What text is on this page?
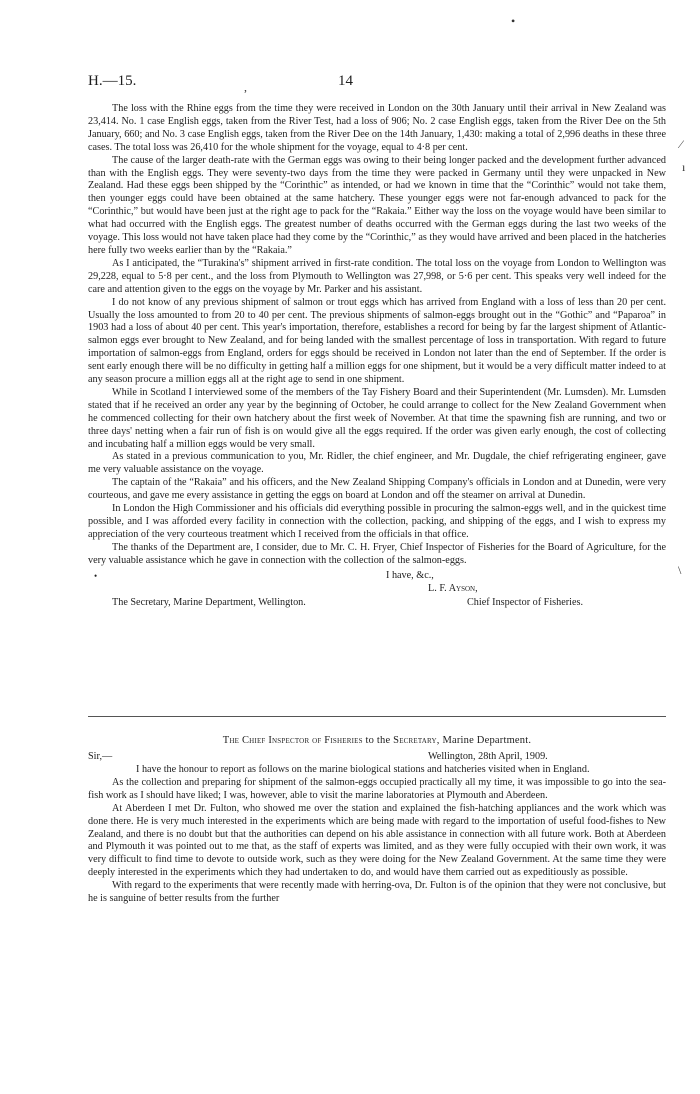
H.—15.	14
•
,
⁄
ı
\

The loss with the Rhine eggs from the time they were received in London on the 30th January until their arrival in New Zealand was 23,414. No. 1 case English eggs, taken from the River Test, had a loss of 906; No. 2 case English eggs, taken from the River Dee on the 5th January, 660; and No. 3 case English eggs, taken from the River Dee on the 14th January, 1,430: making a total of 2,996 deaths in these three cases. The total loss was 26,410 for the whole shipment for the voyage, equal to 4·8 per cent.

The cause of the larger death-rate with the German eggs was owing to their being longer packed and the development further advanced than with the English eggs. They were seventy-two days from the time they were packed in Germany until they were unpacked in New Zealand. Had these eggs been shipped by the “Corinthic” as intended, or had we known in time that the “Corinthic” would not take them, then younger eggs could have been obtained at the same hatchery. These younger eggs were not far-enough advanced to pack for the “Corinthic,” but would have been just at the right age to pack for the “Rakaia.” Either way the loss on the voyage would have been similar to what had occurred with the English eggs. The greatest number of deaths occurred with the German eggs during the last two weeks of the voyage. This loss would not have taken place had they come by the “Corinthic,” as they would have arrived and been placed in the hatcheries here fully two weeks earlier than by the “Rakaia.”

As I anticipated, the “Turakina's” shipment arrived in first-rate condition. The total loss on the voyage from London to Wellington was 29,228, equal to 5·8 per cent., and the loss from Plymouth to Wellington was 27,998, or 5·6 per cent. This speaks very well indeed for the care and attention given to the eggs on the voyage by Mr. Parker and his assistant.

I do not know of any previous shipment of salmon or trout eggs which has arrived from England with a loss of less than 20 per cent. Usually the loss amounted to from 20 to 40 per cent. The previous shipments of salmon-eggs brought out in the “Gothic” and “Paparoa” in 1903 had a loss of about 40 per cent. This year's importation, therefore, establishes a record for being by far the largest shipment of Atlantic-salmon eggs ever brought to New Zealand, and for being landed with the smallest percentage of loss in transportation. With regard to future importation of salmon-eggs from England, orders for eggs should be received in London not later than the end of September. If the order is sent early enough there will be no difficulty in getting half a million eggs for one shipment, but it would be a very difficult matter indeed to at any season procure a million eggs all at the right age to send in one shipment.

While in Scotland I interviewed some of the members of the Tay Fishery Board and their Superintendent (Mr. Lumsden). Mr. Lumsden stated that if he received an order any year by the beginning of October, he could arrange to collect for the New Zealand Government when he commenced collecting for their own hatchery about the first week of November. At that time the spawning fish are running, and two or three days' netting when a fair run of fish is on would give all the eggs required. If the order was given early enough, the cost of collecting and incubating half a million eggs would be very small.

As stated in a previous communication to you, Mr. Ridler, the chief engineer, and Mr. Dugdale, the chief refrigerating engineer, gave me very valuable assistance on the voyage.

The captain of the “Rakaia” and his officers, and the New Zealand Shipping Company's officials in London and at Dunedin, were very courteous, and gave me every assistance in getting the eggs on board at London and off the steamer on arrival at Dunedin.

In London the High Commissioner and his officials did everything possible in procuring the salmon-eggs well, and in the quickest time possible, and I was afforded every facility in connection with the collection, packing, and shipping of the eggs, and I wish to express my appreciation of the very courteous treatment which I received from the officials in that office.

The thanks of the Department are, I consider, due to Mr. C. H. Fryer, Chief Inspector of Fisheries for the Board of Agriculture, for the very valuable assistance which he gave in connection with the collection of the salmon-eggs.

•	I have, &c.,
L. F. Ayson,
The Secretary, Marine Department, Wellington.	Chief Inspector of Fisheries.
The Chief Inspector of Fisheries to the Secretary, Marine Department.
Sir,—	Wellington, 28th April, 1909.

I have the honour to report as follows on the marine biological stations and hatcheries visited when in England.

As the collection and preparing for shipment of the salmon-eggs occupied practically all my time, it was impossible to go into the sea-fish work as I should have liked; I was, however, able to visit the marine laboratories at Plymouth and Aberdeen.

At Aberdeen I met Dr. Fulton, who showed me over the station and explained the fish-hatching appliances and the work which was done there. He is very much interested in the experiments which are being made with regard to the importation of useful food-fishes to New Zealand, and there is no doubt but that the authorities can depend on his able assistance in connection with all future work. Both at Aberdeen and Plymouth it was pointed out to me that, as the staff of experts was limited, and as they were fully occupied with their own work, it was very difficult to find time to devote to outside work, such as they were doing for the New Zealand Government. At the same time they were deeply interested in the experiments which they had undertaken to do, and would have them carried out as expeditiously as possible.

With regard to the experiments that were recently made with herring-ova, Dr. Fulton is of the opinion that they were not conclusive, but he is sanguine of better results from the further
